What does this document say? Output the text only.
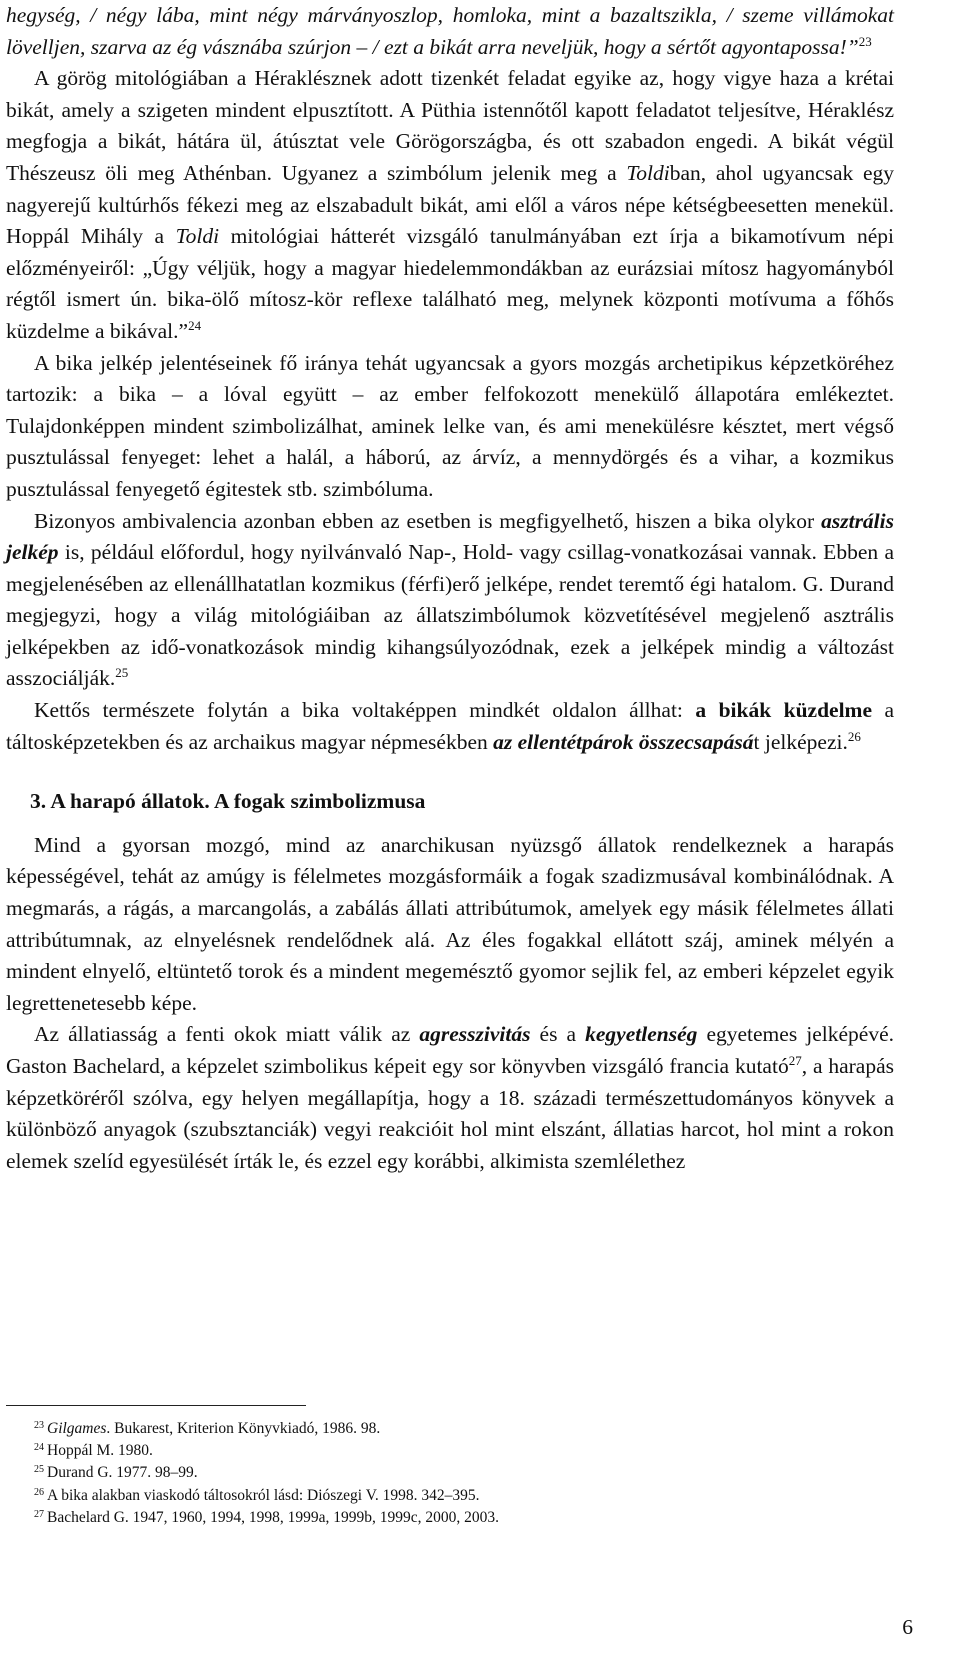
hegység, / négy lába, mint négy márványoszlop, homloka, mint a bazaltszikla, / szeme villámokat lövelljen, szarva az ég vásznába szúrjon – / ezt a bikát arra neveljük, hogy a sértőt agyontapossa!”$^{23}$

A görög mitológiában a Héraklésznek adott tizenkét feladat egyike az, hogy vigye haza a krétai bikát, amely a szigeten mindent elpusztított. A Püthia istennőtől kapott feladatot teljesítve, Héraklész megfogja a bikát, hátára ül, átúsztat vele Görögországba, és ott szabadon engedi. A bikát végül Thészeusz öli meg Athénban. Ugyanez a szimbólum jelenik meg a Toldiban, ahol ugyancsak egy nagyerejű kultúrhős fékezi meg az elszabadult bikát, ami elől a város népe kétségbeesetten menekül. Hoppál Mihály a Toldi mitológiai hátterét vizsgáló tanulmányában ezt írja a bikamotívum népi előzményeiről: „Úgy véljük, hogy a magyar hiedelemmondákban az eurázsiai mítosz hagyományból régtől ismert ún. bika-ölő mítosz-kör reflexe található meg, melynek központi motívuma a főhős küzdelme a bikával.”$^{24}$

A bika jelkép jelentéseinek fő iránya tehát ugyancsak a gyors mozgás archetipikus képzetköréhez tartozik: a bika – a lóval együtt – az ember felfokozott menekülő állapotára emlékeztet. Tulajdonképpen mindent szimbolizálhat, aminek lelke van, és ami menekülésre késztet, mert végső pusztulással fenyeget: lehet a halál, a háború, az árvíz, a mennydörgés és a vihar, a kozmikus pusztulással fenyegető égitestek stb. szimbóluma.

Bizonyos ambivalencia azonban ebben az esetben is megfigyelhető, hiszen a bika olykor asztrális jelkép is, például előfordul, hogy nyilvánvaló Nap-, Hold- vagy csillag-vonatkozásai vannak. Ebben a megjelenésében az ellenállhatatlan kozmikus (férfi)erő jelképe, rendet teremtő égi hatalom. G. Durand megjegyzi, hogy a világ mitológiáiban az állatszimbólumok közvetítésével megjelenő asztrális jelképekben az idő-vonatkozások mindig kihangsúlyozódnak, ezek a jelképek mindig a változást asszociálják.$^{25}$

Kettős természete folytán a bika voltaképpen mindkét oldalon állhat: a bikák küzdelme a táltosképzetekben és az archaikus magyar népmesékben az ellentétpárok összecsapását jelképezi.$^{26}$

3. A harapó állatok. A fogak szimbolizmusa

Mind a gyorsan mozgó, mind az anarchikusan nyüzsgő állatok rendelkeznek a harapás képességével, tehát az amúgy is félelmetes mozgásformáik a fogak szadizmusával kombinálódnak. A megmarás, a rágás, a marcangolás, a zabálás állati attribútumok, amelyek egy másik félelmetes állati attribútumnak, az elnyelésnek rendelődnek alá. Az éles fogakkal ellátott száj, aminek mélyén a mindent elnyelő, eltüntető torok és a mindent megemésztő gyomor sejlik fel, az emberi képzelet egyik legrettenetesebb képe.

Az állatiasság a fenti okok miatt válik az agresszivitás és a kegyetlenség egyetemes jelképévé. Gaston Bachelard, a képzelet szimbolikus képeit egy sor könyvben vizsgáló francia kutató$^{27}$, a harapás képzetköréről szólva, egy helyen megállapítja, hogy a 18. századi természettudományos könyvek a különböző anyagok (szubsztanciák) vegyi reakcióit hol mint elszánt, állatias harcot, hol mint a rokon elemek szelíd egyesülését írták le, és ezzel egy korábbi, alkimista szemlélethez

$^{23}$ Gilgames. Bukarest, Kriterion Könyvkiadó, 1986. 98.

$^{24}$ Hoppál M. 1980.

$^{25}$ Durand G. 1977. 98–99.

$^{26}$ A bika alakban viaskodó táltosokról lásd: Diószegi V. 1998. 342–395.

$^{27}$ Bachelard G. 1947, 1960, 1994, 1998, 1999a, 1999b, 1999c, 2000, 2003.

6
